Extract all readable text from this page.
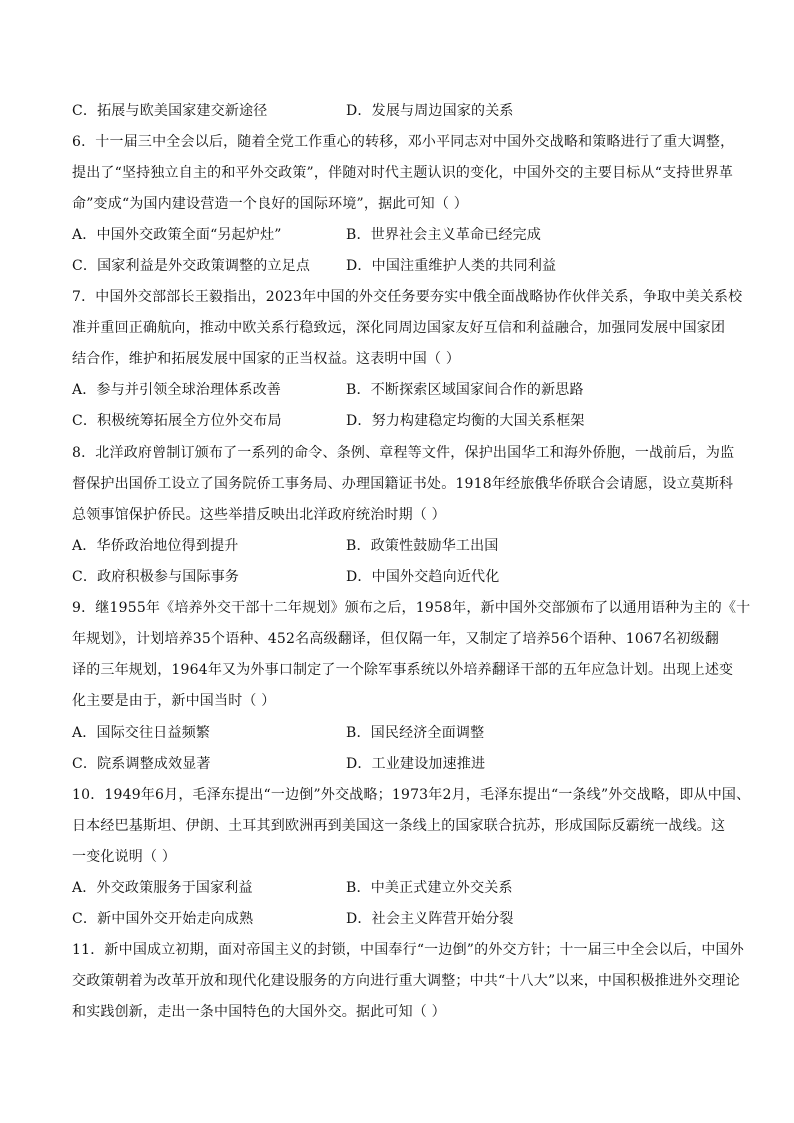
C．拓展与欧美国家建交新途径	D．发展与周边国家的关系
6．十一届三中全会以后，随着全党工作重心的转移，邓小平同志对中国外交战略和策略进行了重大调整，
提出了“坚持独立自主的和平外交政策”，伴随对时代主题认识的变化，中国外交的主要目标从“支持世界革
命”变成“为国内建设营造一个良好的国际环境”，据此可知（ ）
A．中国外交政策全面“另起炉灶”	B．世界社会主义革命已经完成
C．国家利益是外交政策调整的立足点	D．中国注重维护人类的共同利益
7．中国外交部部长王毅指出，2023年中国的外交任务要夯实中俄全面战略协作伙伴关系，争取中美关系校
准并重回正确航向，推动中欧关系行稳致远，深化同周边国家友好互信和利益融合，加强同发展中国家团
结合作，维护和拓展发展中国家的正当权益。这表明中国（ ）
A．参与并引领全球治理体系改善	B．不断探索区域国家间合作的新思路
C．积极统筹拓展全方位外交布局	D．努力构建稳定均衡的大国关系框架
8．北洋政府曾制订颁布了一系列的命令、条例、章程等文件，保护出国华工和海外侨胞，一战前后，为监
督保护出国侨工设立了国务院侨工事务局、办理国籍证书处。1918年经旅俄华侨联合会请愿，设立莫斯科
总领事馆保护侨民。这些举措反映出北洋政府统治时期（ ）
A．华侨政治地位得到提升	B．政策性鼓励华工出国
C．政府积极参与国际事务	D．中国外交趋向近代化
9．继1955年《培养外交干部十二年规划》颁布之后，1958年，新中国外交部颁布了以通用语种为主的《十
年规划》，计划培养35个语种、452名高级翻译，但仅隔一年，又制定了培养56个语种、1067名初级翻
译的三年规划，1964年又为外事口制定了一个除军事系统以外培养翻译干部的五年应急计划。出现上述变
化主要是由于，新中国当时（ ）
A．国际交往日益频繁	B．国民经济全面调整
C．院系调整成效显著	D．工业建设加速推进
10．1949年6月，毛泽东提出“一边倒”外交战略；1973年2月，毛泽东提出“一条线”外交战略，即从中国、
日本经巴基斯坦、伊朗、土耳其到欧洲再到美国这一条线上的国家联合抗苏，形成国际反霸统一战线。这
一变化说明（ ）
A．外交政策服务于国家利益	B．中美正式建立外交关系
C．新中国外交开始走向成熟	D．社会主义阵营开始分裂
11．新中国成立初期，面对帝国主义的封锁，中国奉行“一边倒”的外交方针；十一届三中全会以后，中国外
交政策朝着为改革开放和现代化建设服务的方向进行重大调整；中共“十八大”以来，中国积极推进外交理论
和实践创新，走出一条中国特色的大国外交。据此可知（ ）
